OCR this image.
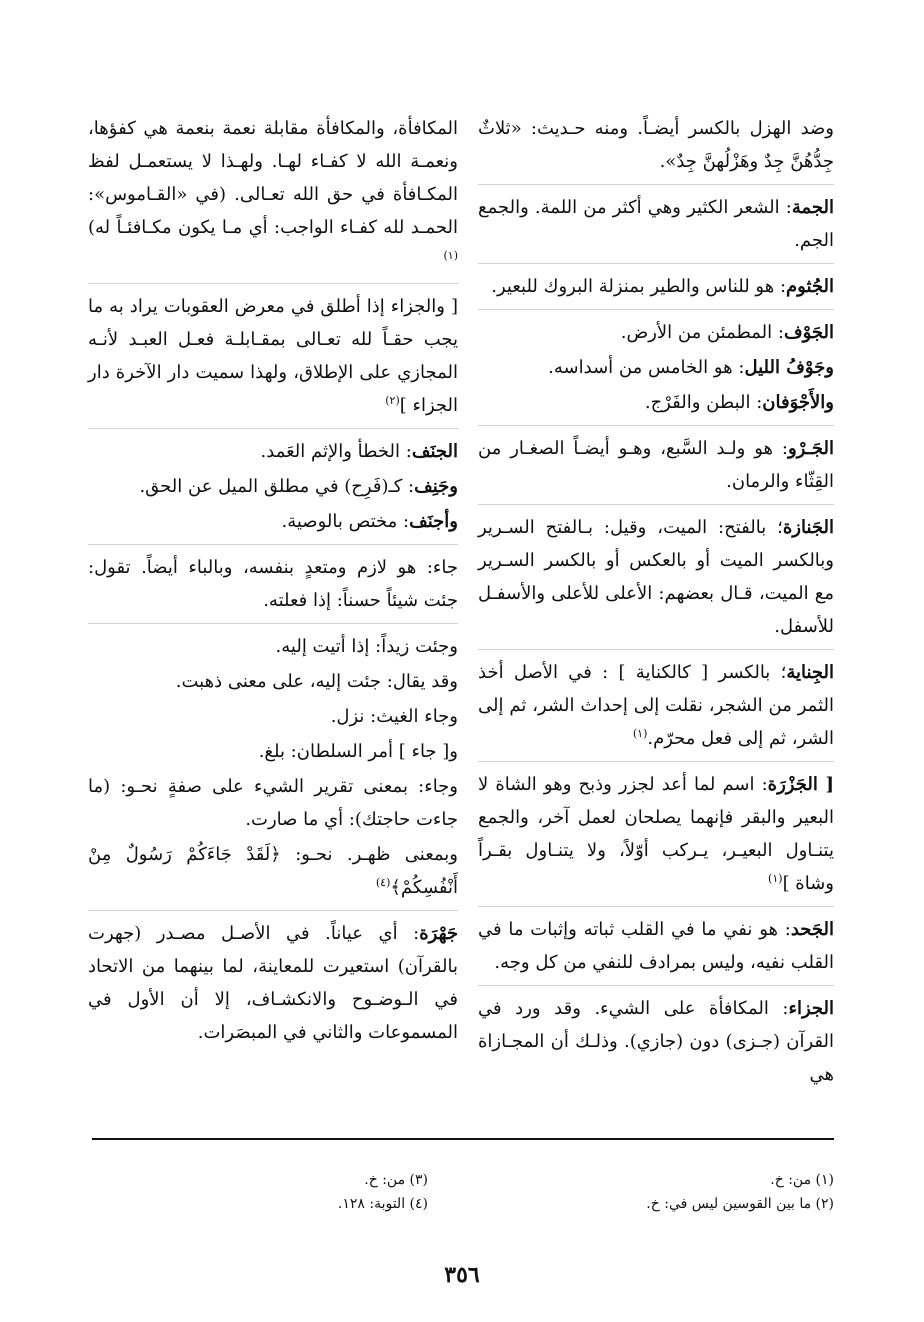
وضد الهزل بالكسر أيضـاً. ومنه حـديث: «ثلاثٌ جِدُّهُنَّ جِدٌ وهَزْلُهنَّ جِدٌ».
الجمة: الشعر الكثير وهي أكثر من اللمة. والجمع الجم.
الجُثوم: هو للناس والطير بمنزلة البروك للبعير.
الجَوْف: المطمئن من الأرض.
وجَوْفُ الليل: هو الخامس من أسداسه.
والأَجْوَفان: البطن والفَرْج.
الجَـرْو: هو ولـد السَّبع، وهـو أيضـاً الصغـار من القِثّاء والرمان.
الجَنازة؛ بالفتح: الميت، وقيل: بـالفتح السـرير وبالكسر الميت أو بالعكس أو بالكسر السـرير مع الميت، قـال بعضهم: الأعلى للأعلى والأسفـل للأسفل.
الجِناية؛ بالكسر [ كالكناية ] : في الأصل أخذ الثمر من الشجر، نقلت إلى إحداث الشر، ثم إلى الشر، ثم إلى فعل محرّم.$^{(١)}$
[ الجَزْرَة: اسم لما أعد لجزر وذبح وهو الشاة لا البعير والبقر فإنهما يصلحان لعمل آخر، والجمع يتنـاول البعيـر، يـركب أوّلاً، ولا يتنـاول بقـراً وشاة ]$^{(١)}$
الجَحد: هو نفي ما في القلب ثباته وإثبات ما في القلب نفيه، وليس بمرادف للنفي من كل وجه.
الجزاء: المكافأة على الشيء. وقد ورد في القرآن (جـزى) دون (جازي). وذلـك أن المجـازاة هي
المكافأة، والمكافأة مقابلة نعمة بنعمة هي كفؤها، ونعمـة الله لا كفـاء لهـا. ولهـذا لا يستعمـل لفظ المكـافأة في حق الله تعـالى. (في «القـاموس»: الحمـد لله كفـاء الواجب: أي مـا يكون مكـافئـاً له)$^{(١)}$
[ والجزاء إذا أطلق في معرض العقوبات يراد به ما يجب حقـاً لله تعـالى بمقـابلـة فعـل العبـد لأنـه المجازي على الإطلاق، ولهذا سميت دار الآخرة دار الجزاء ]$^{(٢)}$
الجنَف: الخطأ والإثم العَمد.
وجَنِف: كـ(فَرِح) في مطلق الميل عن الحق.
وأجنَف: مختص بالوصية.
جاء: هو لازم ومتعدٍ بنفسه، وبالباء أيضاً. تقول: جئت شيئاً حسناً: إذا فعلته.
وجئت زيداً: إذا أتيت إليه.
وقد يقال: جئت إليه، على معنى ذهبت.
وجاء الغيث: نزل.
و[ جاء ] أمر السلطان: بلغ.
وجاء: بمعنى تقرير الشيء على صفةٍ نحـو: (ما جاءت حاجتك): أي ما صارت.
وبمعنى ظهـر. نحـو: ﴿لَقَدْ جَاءَكُمْ رَسُولٌ مِنْ أَنْفُسِكُمْ﴾$^{(٤)}$
جَهْرَة: أي عياناً. في الأصـل مصـدر (جهرت بالقرآن) استعيرت للمعاينة، لما بينهما من الاتحاد في الـوضـوح والانكشـاف، إلا أن الأول في المسموعات والثاني في المبصَرات.
(١) من: خ.
(٢) ما بين القوسين ليس في: خ.
(٣) من: خ.
(٤) التوبة: ١٢٨.
٣٥٦
